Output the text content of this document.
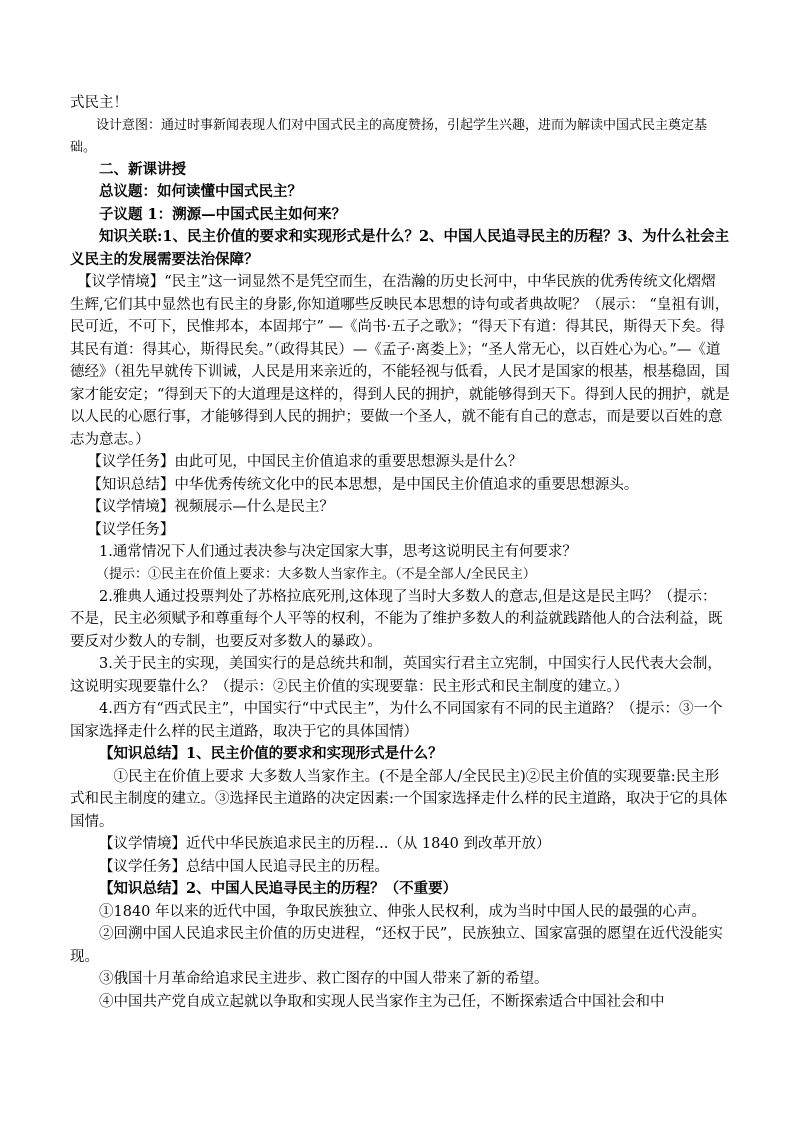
式民主！

设计意图：通过时事新闻表现人们对中国式民主的高度赞扬，引起学生兴趣，进而为解读中国式民主奠定基础。

二、新课讲授

总议题：如何读懂中国式民主？

子议题 1：溯源—中国式民主如何来？

知识关联:1、民主价值的要求和实现形式是什么？2、中国人民追寻民主的历程？3、为什么社会主义民主的发展需要法治保障？

【议学情境】“民主”这一词显然不是凭空而生，在浩瀚的历史长河中，中华民族的优秀传统文化熠熠生辉,它们其中显然也有民主的身影,你知道哪些反映民本思想的诗句或者典故呢？（展示： “皇祖有训，民可近，不可下，民惟邦本，本固邦宁” —《尚书·五子之歌》；“得天下有道：得其民，斯得天下矣。得其民有道：得其心，斯得民矣。”（政得其民）—《孟子·离娄上》；“圣人常无心，以百姓心为心。”—《道德经》（祖先早就传下训诫，人民是用来亲近的，不能轻视与低看，人民才是国家的根基，根基稳固，国家才能安定；“得到天下的大道理是这样的，得到人民的拥护，就能够得到天下。得到人民的拥护，就是以人民的心愿行事，才能够得到人民的拥护；要做一个圣人，就不能有自己的意志，而是要以百姓的意志为意志。）

【议学任务】由此可见，中国民主价值追求的重要思想源头是什么？

【知识总结】中华优秀传统文化中的民本思想，是中国民主价值追求的重要思想源头。

【议学情境】视频展示—什么是民主？

【议学任务】

1.通常情况下人们通过表决参与决定国家大事，思考这说明民主有何要求？

（提示：①民主在价值上要求：大多数人当家作主。（不是全部人/全民民主）

2.雅典人通过投票判处了苏格拉底死刑,这体现了当时大多数人的意志,但是这是民主吗？（提示：不是，民主必须赋予和尊重每个人平等的权利，不能为了维护多数人的利益就践踏他人的合法利益，既要反对少数人的专制，也要反对多数人的暴政）。

3.关于民主的实现，美国实行的是总统共和制，英国实行君主立宪制，中国实行人民代表大会制，这说明实现要靠什么？（提示：②民主价值的实现要靠：民主形式和民主制度的建立。）

4.西方有“西式民主”，中国实行“中式民主”，为什么不同国家有不同的民主道路？（提示：③一个国家选择走什么样的民主道路，取决于它的具体国情）

【知识总结】1、民主价值的要求和实现形式是什么？

①民主在价值上要求 大多数人当家作主。(不是全部人/全民民主)②民主价值的实现要靠:民主形式和民主制度的建立。③选择民主道路的决定因素:一个国家选择走什么样的民主道路，取决于它的具体国情。

【议学情境】近代中华民族追求民主的历程...（从 1840 到改革开放）

【议学任务】总结中国人民追寻民主的历程。

【知识总结】2、中国人民追寻民主的历程？（不重要）

①1840 年以来的近代中国，争取民族独立、伸张人民权利，成为当时中国人民的最强的心声。

②回溯中国人民追求民主价值的历史进程，“还权于民”，民族独立、国家富强的愿望在近代没能实现。

③俄国十月革命给追求民主进步、救亡图存的中国人带来了新的希望。

④中国共产党自成立起就以争取和实现人民当家作主为己任，不断探索适合中国社会和中
